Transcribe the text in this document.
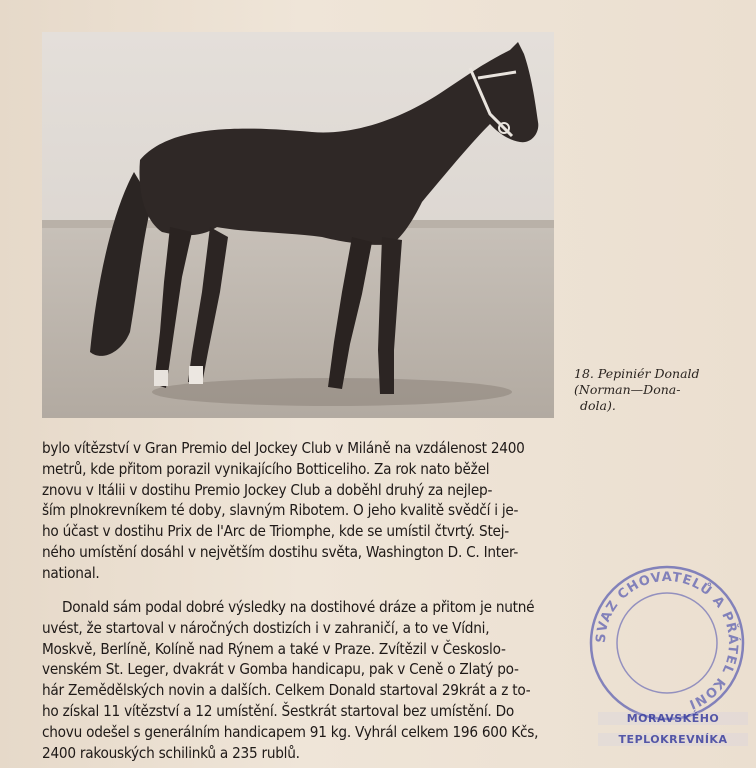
18. Pepiniér Donald
(Norman—Dona-
dola).
bylo vítězství v Gran Premio del Jockey Club v Miláně na vzdálenost 2400
metrů, kde přitom porazil vynikajícího Botticeliho. Za rok nato běžel
znovu v Itálii v dostihu Premio Jockey Club a doběhl druhý za nejlep-
ším plnokrevníkem té doby, slavným Ribotem. O jeho kvalitě svědčí i je-
ho účast v dostihu Prix de l'Arc de Triomphe, kde se umístil čtvrtý. Stej-
ného umístění dosáhl v největším dostihu světa, Washington D. C. Inter-
national.
Donald sám podal dobré výsledky na dostihové dráze a přitom je nutné
uvést, že startoval v náročných dostizích i v zahraničí, a to ve Vídni,
Moskvě, Berlíně, Kolíně nad Rýnem a také v Praze. Zvítězil v Českoslo-
venském St. Leger, dvakrát v Gomba handicapu, pak v Ceně o Zlatý po-
hár Zemědělských novin a dalších. Celkem Donald startoval 29krát a z to-
ho získal 11 vítězství a 12 umístění. Šestkrát startoval bez umístění. Do
chovu odešel s generálním handicapem 91 kg. Vyhrál celkem 196 600 Kčs,
2400 rakouských schilinků a 235 rublů.
SVAZ CHOVATELŮ A PŘÁTEL KONÍ
MORAVSKÉHO
TEPLOKREVNÍKA
